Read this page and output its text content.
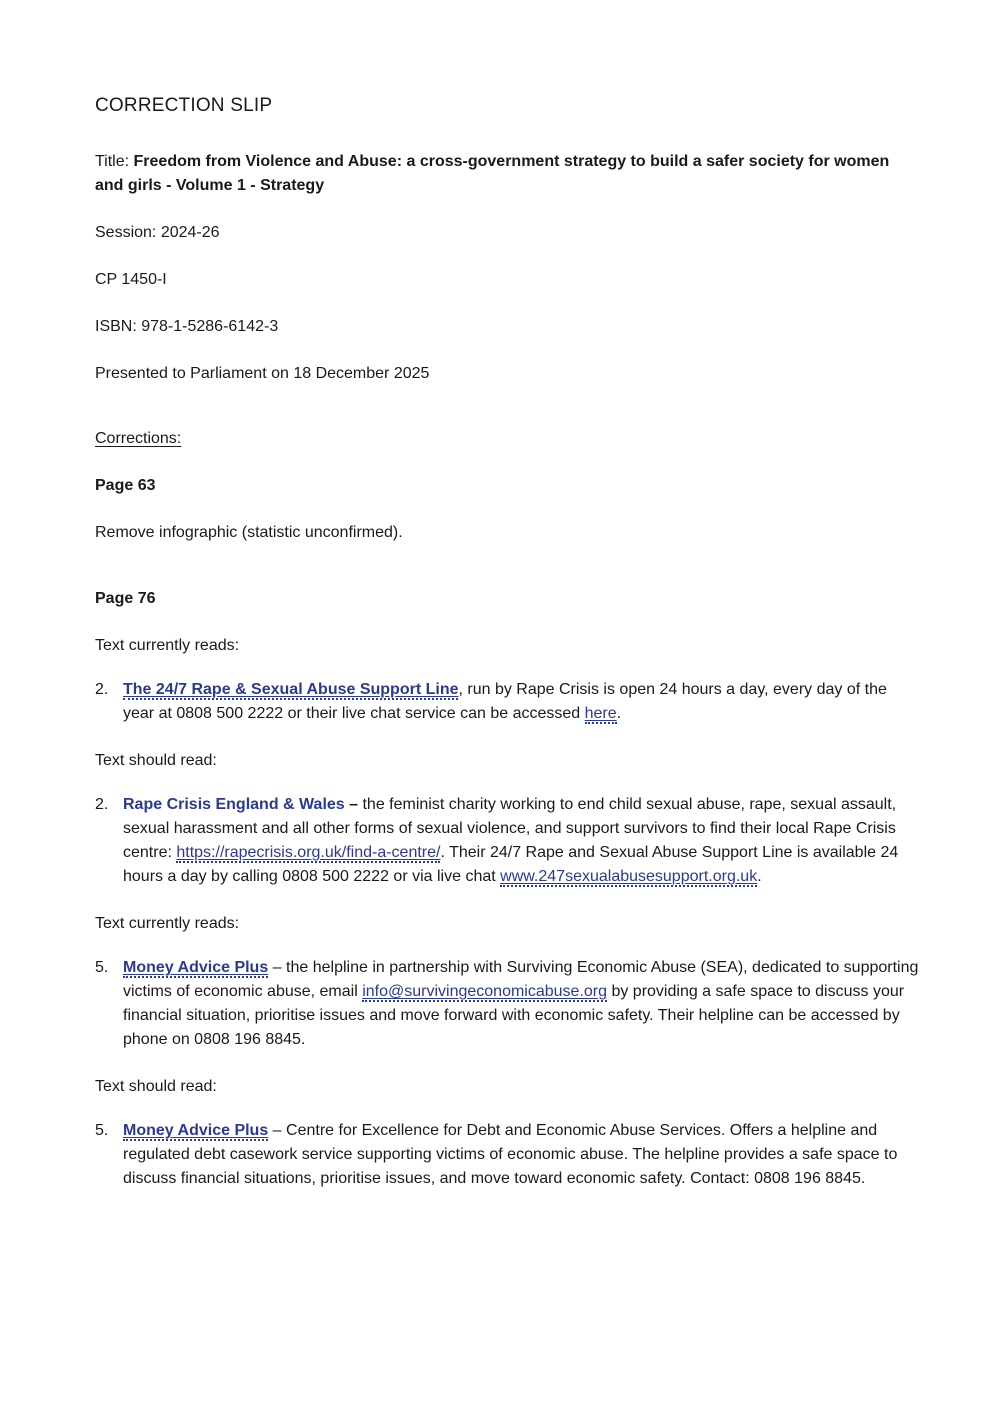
CORRECTION SLIP

Title: Freedom from Violence and Abuse: a cross-government strategy to build a safer society for women and girls - Volume 1 - Strategy

Session: 2024-26

CP 1450-I

ISBN: 978-1-5286-6142-3

Presented to Parliament on 18 December 2025

Corrections:

Page 63

Remove infographic (statistic unconfirmed).

Page 76

Text currently reads:

2. The 24/7 Rape & Sexual Abuse Support Line, run by Rape Crisis is open 24 hours a day, every day of the year at 0808 500 2222 or their live chat service can be accessed here.

Text should read:

2. Rape Crisis England & Wales – the feminist charity working to end child sexual abuse, rape, sexual assault, sexual harassment and all other forms of sexual violence, and support survivors to find their local Rape Crisis centre: https://rapecrisis.org.uk/find-a-centre/. Their 24/7 Rape and Sexual Abuse Support Line is available 24 hours a day by calling 0808 500 2222 or via live chat www.247sexualabusesupport.org.uk.

Text currently reads:

5. Money Advice Plus – the helpline in partnership with Surviving Economic Abuse (SEA), dedicated to supporting victims of economic abuse, email info@survivingeconomicabuse.org by providing a safe space to discuss your financial situation, prioritise issues and move forward with economic safety. Their helpline can be accessed by phone on 0808 196 8845.

Text should read:

5. Money Advice Plus – Centre for Excellence for Debt and Economic Abuse Services. Offers a helpline and regulated debt casework service supporting victims of economic abuse. The helpline provides a safe space to discuss financial situations, prioritise issues, and move toward economic safety. Contact: 0808 196 8845.
